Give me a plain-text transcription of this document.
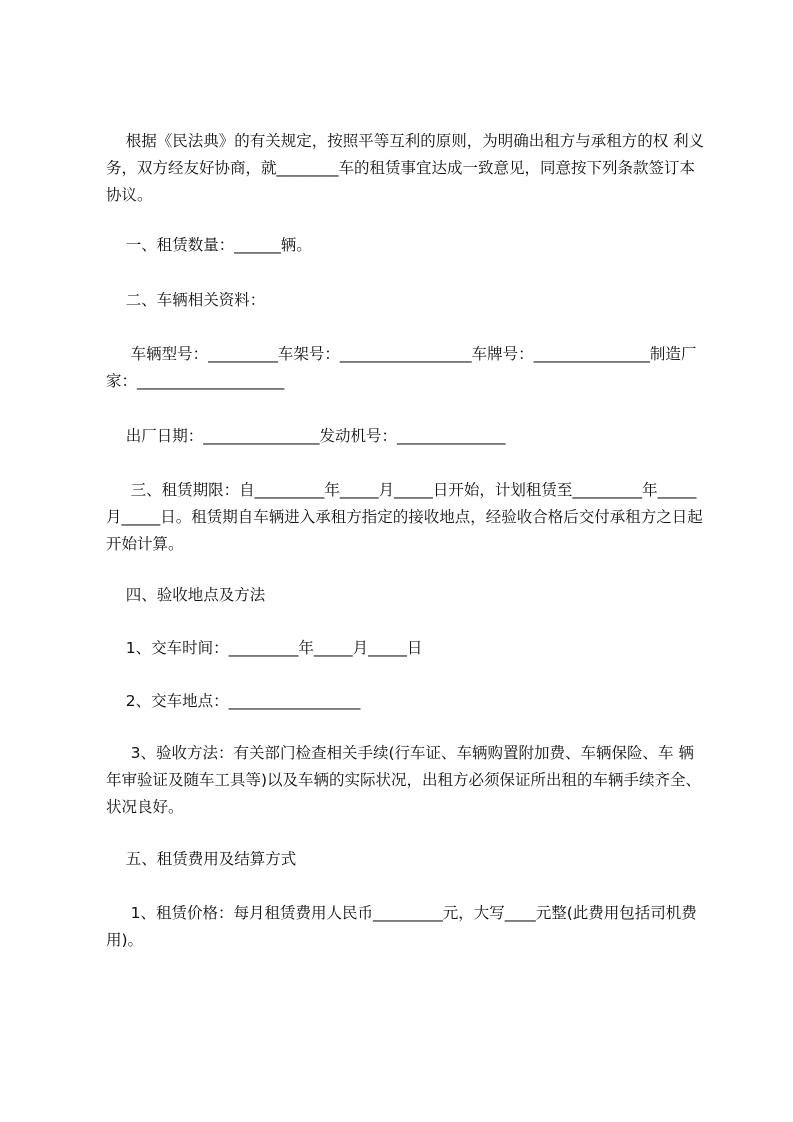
根据《民法典》的有关规定，按照平等互利的原则，为明确出租方与承租方的权 利义务，双方经友好协商，就________车的租赁事宜达成一致意见，同意按下列条款签订本协议。

一、租赁数量：______辆。

二、车辆相关资料：

车辆型号：_________车架号：_________________车牌号：_______________制造厂家：___________________

出厂日期：_______________发动机号：______________

三、租赁期限：自_________年_____月_____日开始，计划租赁至_________年_____月_____日。租赁期自车辆进入承租方指定的接收地点，经验收合格后交付承租方之日起开始计算。

四、验收地点及方法

1、交车时间：_________年_____月_____日

2、交车地点：_________________

3、验收方法：有关部门检查相关手续(行车证、车辆购置附加费、车辆保险、车 辆年审验证及随车工具等)以及车辆的实际状况，出租方必须保证所出租的车辆手续齐全、状况良好。

五、租赁费用及结算方式

1、租赁价格：每月租赁费用人民币_________元，大写____元整(此费用包括司机费用)。
